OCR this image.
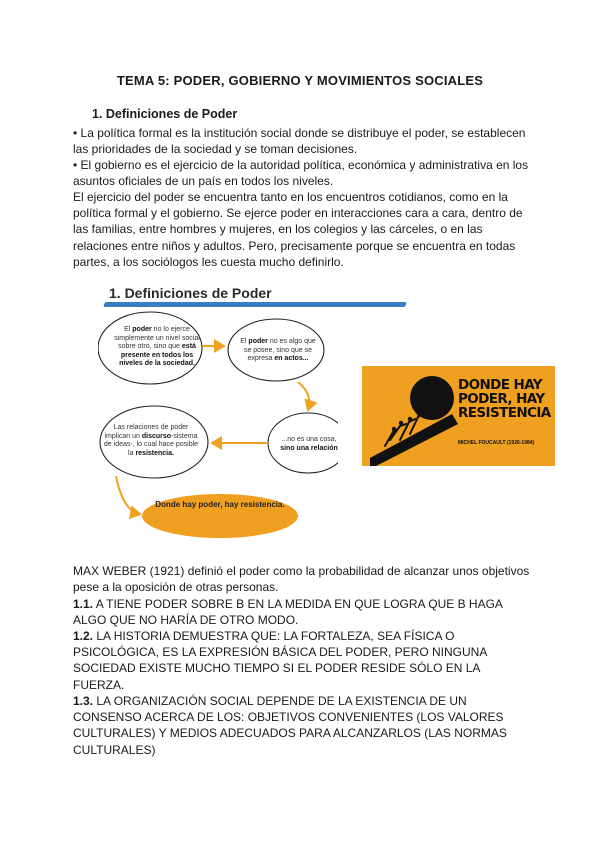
TEMA 5: PODER, GOBIERNO Y MOVIMIENTOS SOCIALES
1. Definiciones de Poder
• La política formal es la institución social donde se distribuye el poder, se establecen las prioridades de la sociedad y se toman decisiones.
• El gobierno es el ejercicio de la autoridad política, económica y administrativa en los asuntos oficiales de un país en todos los niveles.
El ejercicio del poder se encuentra tanto en los encuentros cotidianos, como en la política formal y el gobierno. Se ejerce poder en interacciones cara a cara, dentro de las familias, entre hombres y mujeres, en los colegios y las cárceles, o en las relaciones entre niños y adultos. Pero, precisamente porque se encuentra en todas partes, a los sociólogos les cuesta mucho definirlo.
1. Definiciones de Poder
El poder no lo ejerce simplemente un nivel social sobre otro, sino que está presente en todos los niveles de la sociedad.
El poder no es algo que se posee, sino que se expresa en actos...
Las relaciones de poder implican un discurso-sistema de ideas-, lo cual hace posible la resistencia.
...no es una cosa, sino una relación
Donde hay poder, hay resistencia.
DONDE HAY PODER, HAY RESISTENCIA
MICHEL FOUCAULT (1926-1984)
MAX WEBER (1921) definió el poder como la probabilidad de alcanzar unos objetivos pese a la oposición de otras personas.
1.1. A TIENE PODER SOBRE B EN LA MEDIDA EN QUE LOGRA QUE B HAGA ALGO QUE NO HARÍA DE OTRO MODO.
1.2. LA HISTORIA DEMUESTRA QUE: LA FORTALEZA, SEA FÍSICA O PSICOLÓGICA, ES LA EXPRESIÓN BÁSICA DEL PODER, PERO NINGUNA SOCIEDAD EXISTE MUCHO TIEMPO SI EL PODER RESIDE SÓLO EN LA FUERZA.
1.3. LA ORGANIZACIÓN SOCIAL DEPENDE DE LA EXISTENCIA DE UN CONSENSO ACERCA DE LOS: OBJETIVOS CONVENIENTES (LOS VALORES CULTURALES) Y MEDIOS ADECUADOS PARA ALCANZARLOS (LAS NORMAS CULTURALES)
